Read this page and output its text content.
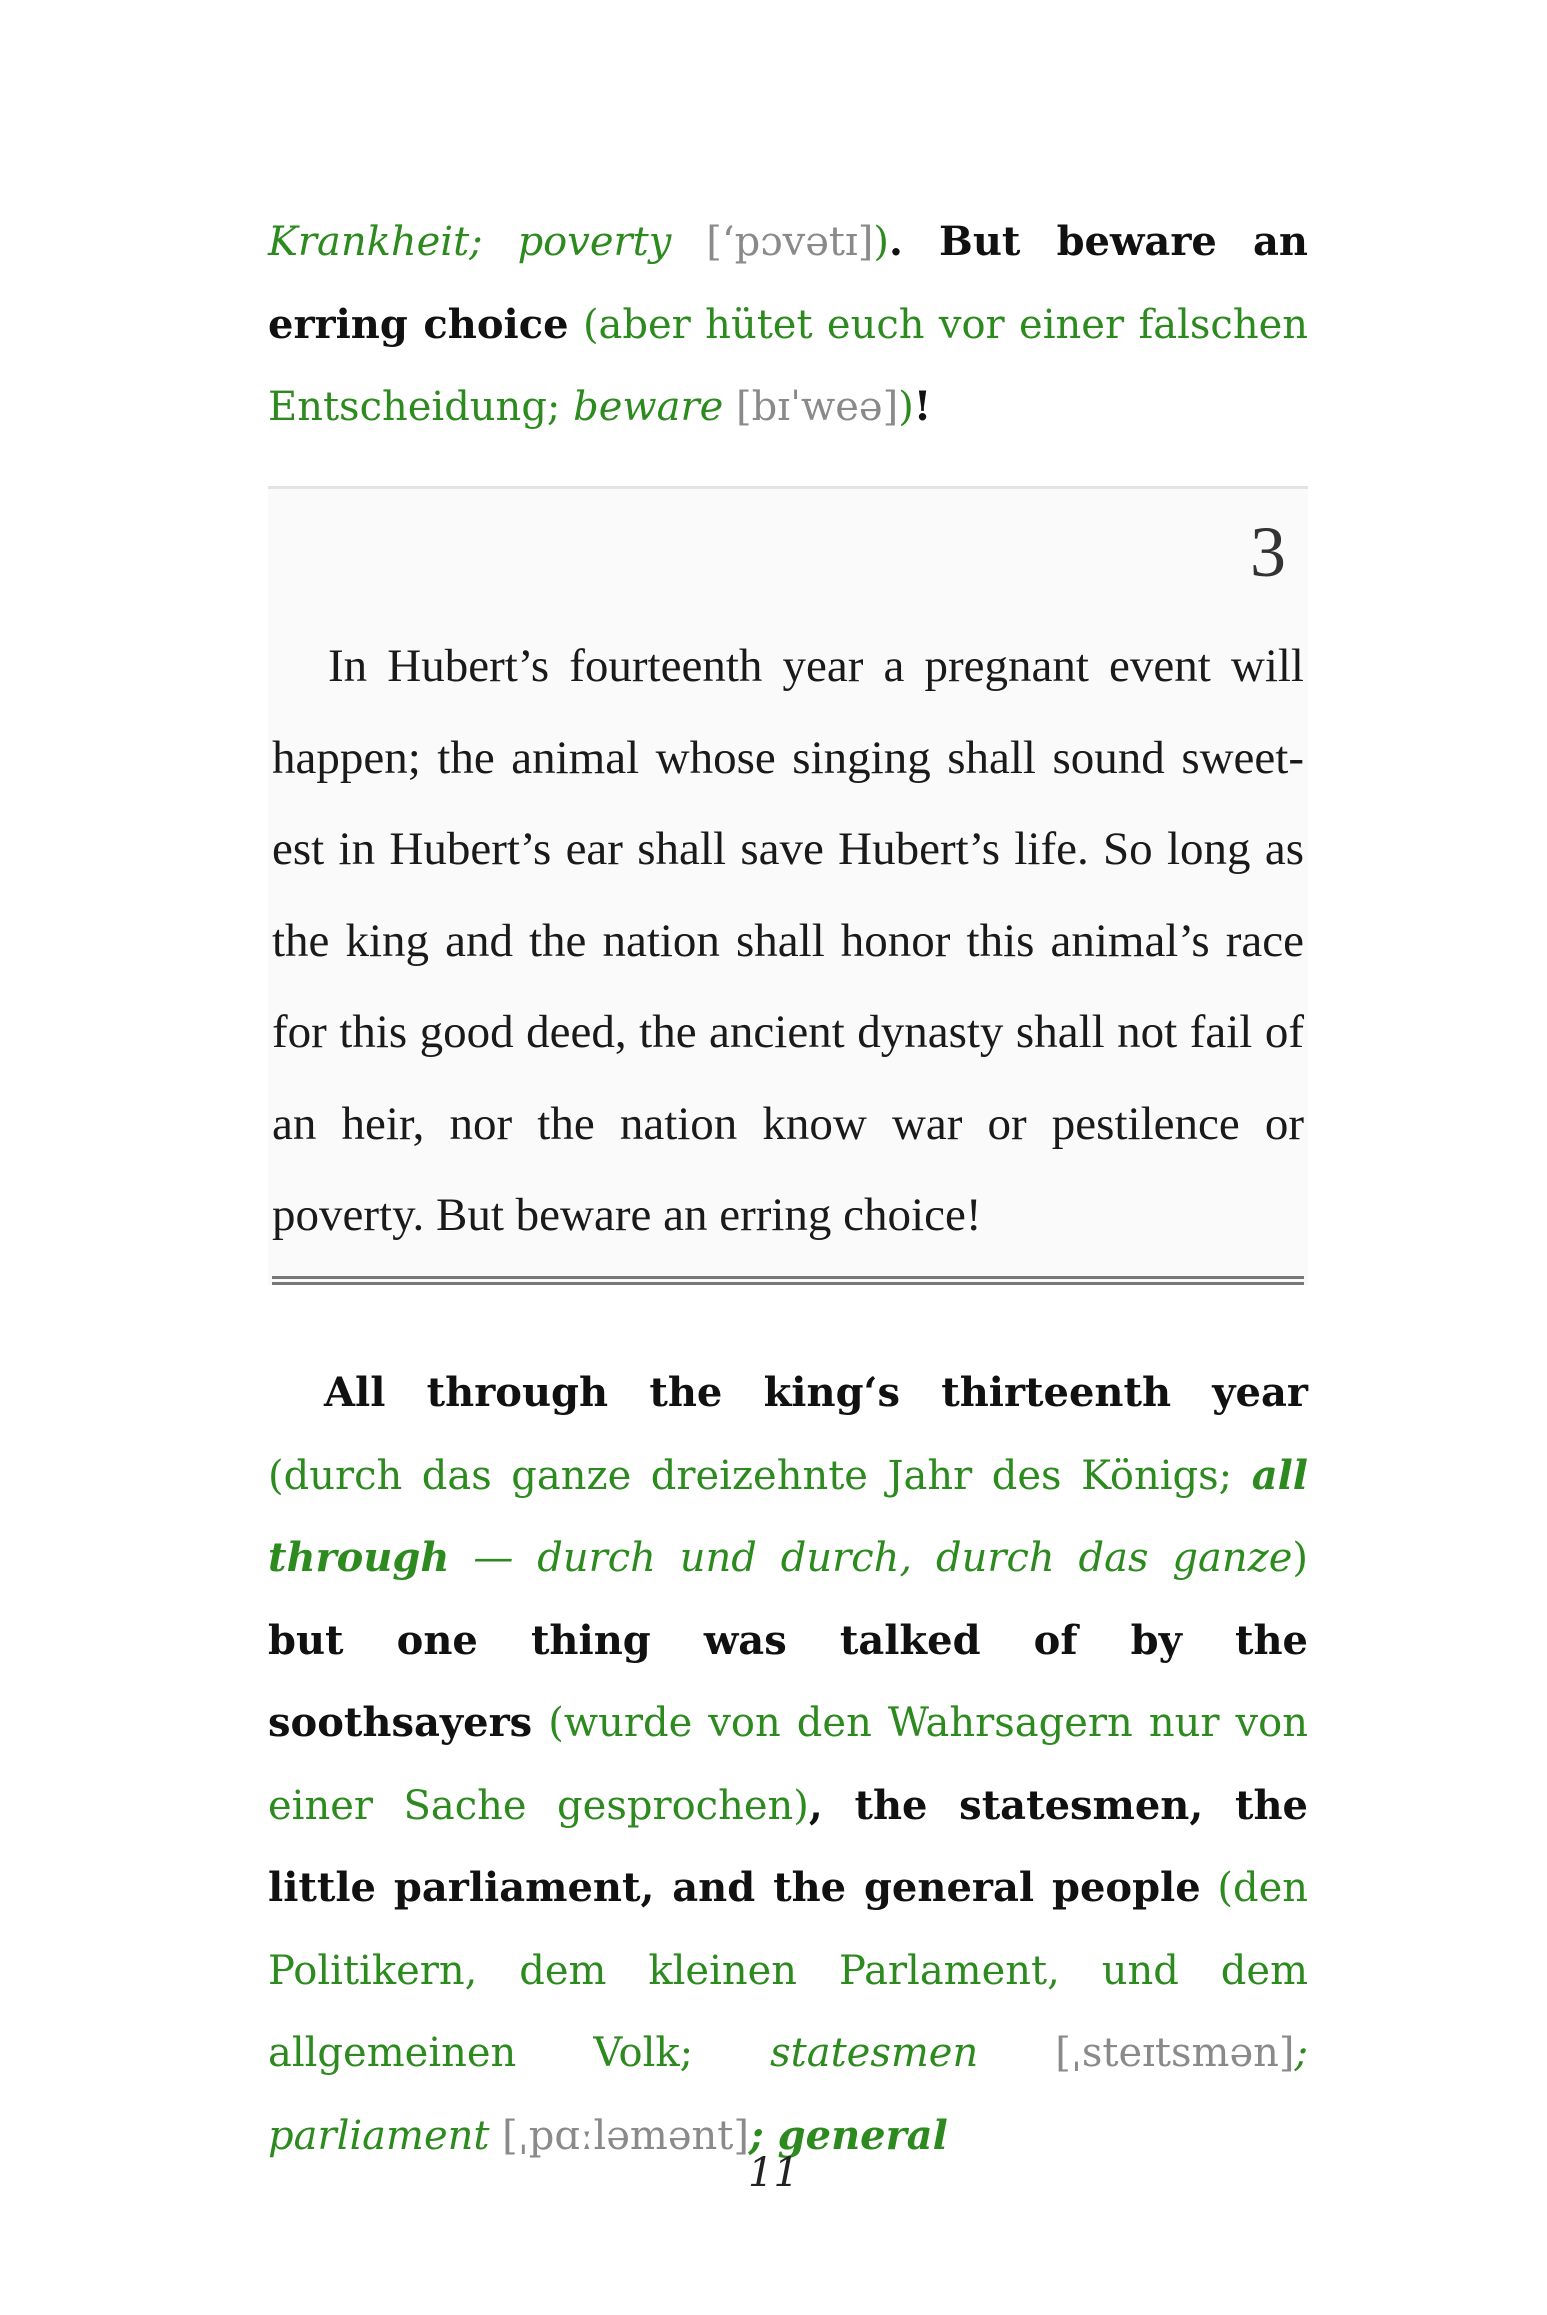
Krankheit; poverty [‘pɔvətɪ]). But beware an erring choice (aber hütet euch vor einer falschen Entscheidung; beware [bɪˈweə])!

3

In Hubert’s fourteenth year a pregnant event will happen; the animal whose singing shall sound sweetest in Hubert’s ear shall save Hubert’s life. So long as the king and the nation shall honor this animal’s race for this good deed, the ancient dynasty shall not fail of an heir, nor the nation know war or pestilence or poverty. But beware an erring choice!

All through the king‘s thirteenth year (durch das ganze dreizehnte Jahr des Königs; all through — durch und durch, durch das ganze) but one thing was talked of by the soothsayers (wurde von den Wahrsagern nur von einer Sache gesprochen), the statesmen, the little parliament, and the general people (den Politikern, dem kleinen Parlament, und dem allgemeinen Volk; statesmen [ˌsteɪtsmən]; parliament [ˌpɑːləmənt]; general

11
